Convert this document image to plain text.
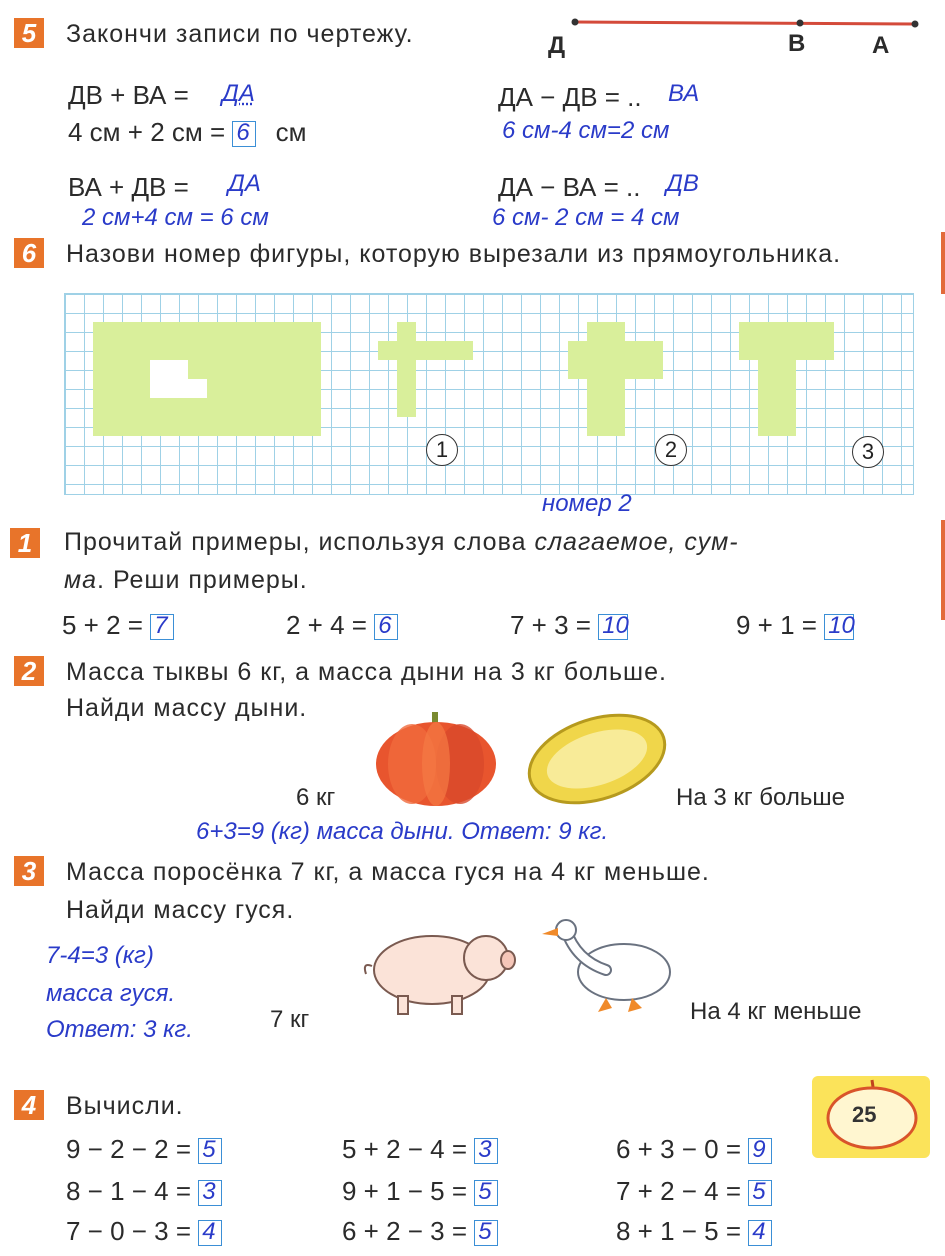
5	Закончи записи по чертежу.	Д	В	А
ДВ + ВА = ДА	ДА − ДВ = .. ВА
4 см + 2 см = 6 см	6 см-4 см=2 см
ВА + ДВ = ДА	ДА − ВА = .. ДВ
2 см+4 см = 6 см	6 см- 2 см = 4 см
6	Назови номер фигуры, которую вырезали из прямоугольника.
1	2	3
номер 2
1	Прочитай примеры, используя слова слагаемое, сум-
ма. Реши примеры.
5 + 2 = 7	2 + 4 = 6	7 + 3 = 10	9 + 1 = 10
2	Масса тыквы 6 кг, а масса дыни на 3 кг больше.
Найди массу дыни.
6 кг	На 3 кг больше
6+3=9 (кг) масса дыни. Ответ: 9 кг.
3	Масса поросёнка 7 кг, а масса гуся на 4 кг меньше.
Найди массу гуся.
7-4=3 (кг)
масса гуся.
Ответ: 3 кг.	7 кг	На 4 кг меньше
4	Вычисли.
9 − 2 − 2 = 5	5 + 2 − 4 = 3	6 + 3 − 0 = 9
8 − 1 − 4 = 3	9 + 1 − 5 = 5	7 + 2 − 4 = 5
7 − 0 − 3 = 4	6 + 2 − 3 = 5	8 + 1 − 5 = 4
25
